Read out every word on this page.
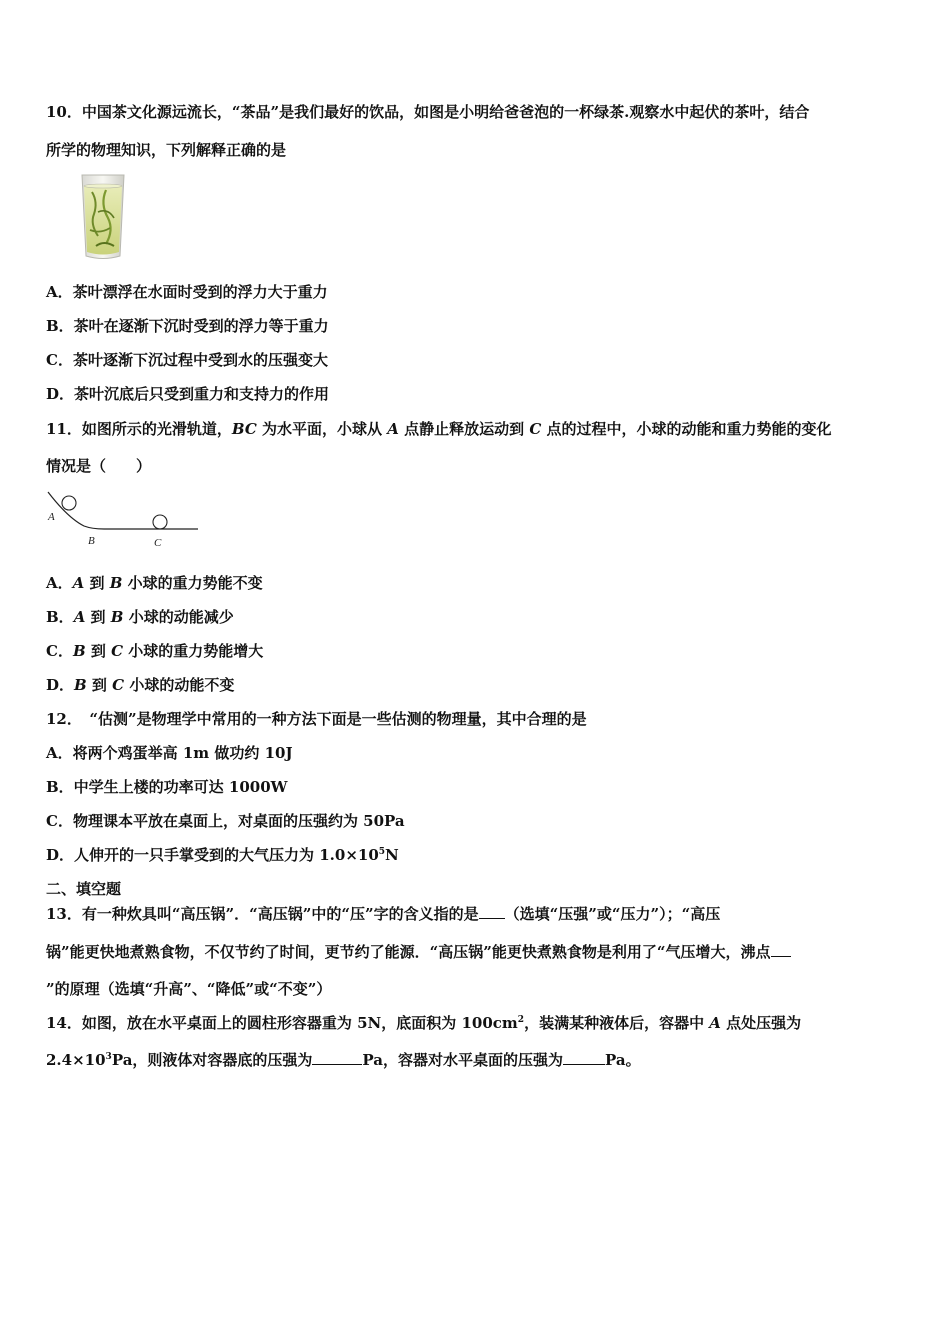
10．中国茶文化源远流长，“茶品”是我们最好的饮品，如图是小明给爸爸泡的一杯绿茶.观察水中起伏的茶叶，结合
所学的物理知识，下列解释正确的是
A．茶叶漂浮在水面时受到的浮力大于重力
B．茶叶在逐渐下沉时受到的浮力等于重力
C．茶叶逐渐下沉过程中受到水的压强变大
D．茶叶沉底后只受到重力和支持力的作用
11．如图所示的光滑轨道，BC 为水平面，小球从 A 点静止释放运动到 C 点的过程中，小球的动能和重力势能的变化
情况是（　　）
A
B	C
A．A 到 B 小球的重力势能不变
B．A 到 B 小球的动能减少
C．B 到 C 小球的重力势能增大
D．B 到 C 小球的动能不变
12．　“估测”是物理学中常用的一种方法下面是一些估测的物理量，其中合理的是
A．将两个鸡蛋举高 1m 做功约 10J
B．中学生上楼的功率可达 1000W
C．物理课本平放在桌面上，对桌面的压强约为 50Pa
D．人伸开的一只手掌受到的大气压力为 $1.0\times 10^5N$
二、填空题
13．有一种炊具叫“高压锅”．“高压锅”中的“压”字的含义指的是 （选填“压强”或“压力”）；“高压
锅”能更快地煮熟食物，不仅节约了时间，更节约了能源．“高压锅”能更快煮熟食物是利用了“气压增大，沸点
”的原理（选填“升高”、“降低”或“不变”）
14．如图，放在水平桌面上的圆柱形容器重为 5N，底面积为 $100cm^2$，装满某种液体后，容器中 A 点处压强为
$2.4\times 10^3Pa$，则液体对容器底的压强为	Pa，容器对水平桌面的压强为	Pa。
